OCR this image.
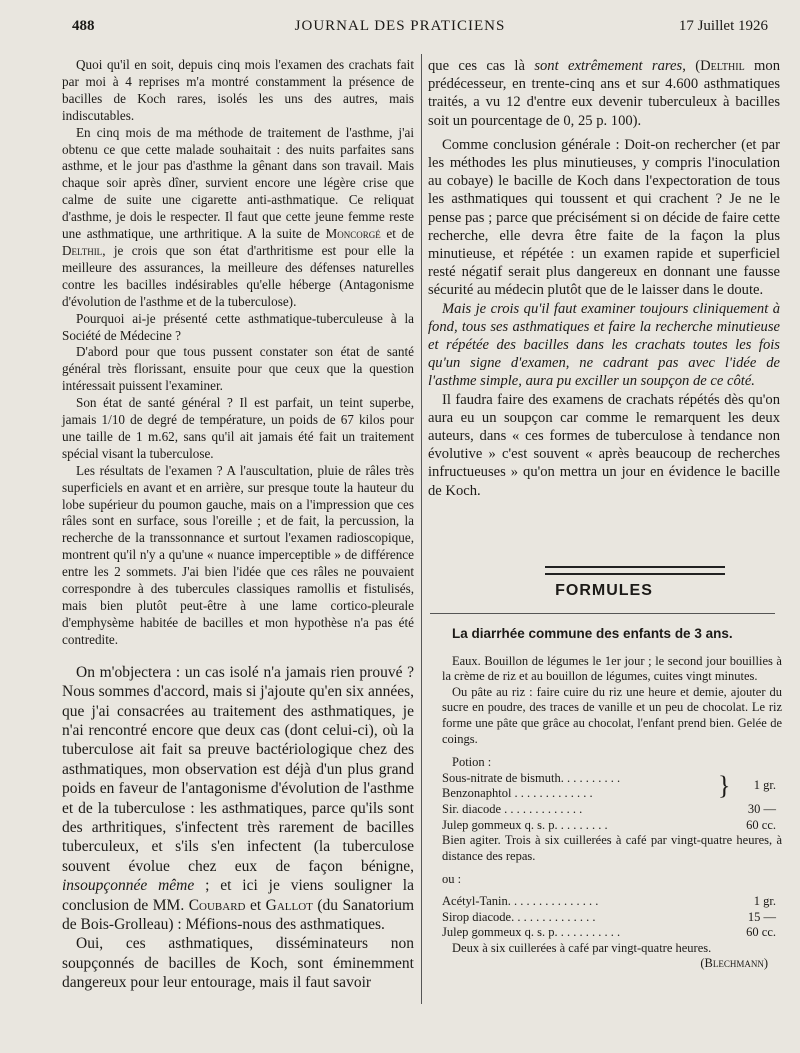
488	JOURNAL DES PRATICIENS	17 Juillet 1926

Quoi qu'il en soit, depuis cinq mois l'examen des crachats fait par moi à 4 reprises m'a montré constamment la présence de bacilles de Koch rares, isolés les uns des autres, mais indiscutables.

En cinq mois de ma méthode de traitement de l'asthme, j'ai obtenu ce que cette malade souhaitait : des nuits parfaites sans asthme, et le jour pas d'asthme la gênant dans son travail. Mais chaque soir après dîner, survient encore une légère crise que calme de suite une cigarette anti-asthmatique. Ce reliquat d'asthme, je dois le respecter. Il faut que cette jeune femme reste une asthmatique, une arthritique. A la suite de Moncorgé et de Delthil, je crois que son état d'arthritisme est pour elle la meilleure des assurances, la meilleure des défenses naturelles contre les bacilles indésirables qu'elle héberge (Antagonisme d'évolution de l'asthme et de la tuberculose).

Pourquoi ai-je présenté cette asthmatique-tuberculeuse à la Société de Médecine ?

D'abord pour que tous pussent constater son état de santé général très florissant, ensuite pour que ceux que la question intéressait puissent l'examiner.

Son état de santé général ? Il est parfait, un teint superbe, jamais 1/10 de degré de température, un poids de 67 kilos pour une taille de 1 m.62, sans qu'il ait jamais été fait un traitement spécial visant la tuberculose.

Les résultats de l'examen ? A l'auscultation, pluie de râles très superficiels en avant et en arrière, sur presque toute la hauteur du lobe supérieur du poumon gauche, mais on a l'impression que ces râles sont en surface, sous l'oreille ; et de fait, la percussion, la recherche de la transsonnance et surtout l'examen radioscopique, montrent qu'il n'y a qu'une « nuance imperceptible » de différence entre les 2 sommets. J'ai bien l'idée que ces râles ne pouvaient correspondre à des tubercules classiques ramollis et fistulisés, mais bien plutôt peut-être à une lame cortico-pleurale d'emphysème habitée de bacilles et mon hypothèse n'a pas été contredite.

On m'objectera : un cas isolé n'a jamais rien prouvé ? Nous sommes d'accord, mais si j'ajoute qu'en six années, que j'ai consacrées au traitement des asthmatiques, je n'ai rencontré encore que deux cas (dont celui-ci), où la tuberculose ait fait sa preuve bactériologique chez des asthmatiques, mon observation est déjà d'un plus grand poids en faveur de l'antagonisme d'évolution de l'asthme et de la tuberculose : les asthmatiques, parce qu'ils sont des arthritiques, s'infectent très rarement de bacilles tuberculeux, et s'ils s'en infectent (la tuberculose souvent évolue chez eux de façon bénigne, insoupçonnée même ; et ici je viens souligner la conclusion de MM. Coubard et Gallot (du Sanatorium de Bois-Grolleau) : Méfions-nous des asthmatiques.

Oui, ces asthmatiques, disséminateurs non soupçonnés de bacilles de Koch, sont éminemment dangereux pour leur entourage, mais il faut savoir

que ces cas là sont extrêmement rares, (Delthil mon prédécesseur, en trente-cinq ans et sur 4.600 asthmatiques traités, a vu 12 d'entre eux devenir tuberculeux à bacilles soit un pourcentage de 0, 25 p. 100).

Comme conclusion générale : Doit-on rechercher (et par les méthodes les plus minutieuses, y compris l'inoculation au cobaye) le bacille de Koch dans l'expectoration de tous les asthmatiques qui toussent et qui crachent ? Je ne le pense pas ; parce que précisément si on décide de faire cette recherche, elle devra être faite de la façon la plus minutieuse, et répétée : un examen rapide et superficiel resté négatif serait plus dangereux en donnant une fausse sécurité au médecin plutôt que de le laisser dans le doute.

Mais je crois qu'il faut examiner toujours cliniquement à fond, tous ses asthmatiques et faire la recherche minutieuse et répétée des bacilles dans les crachats toutes les fois qu'un signe d'examen, ne cadrant pas avec l'idée de l'asthme simple, aura pu exciller un soupçon de ce côté.

Il faudra faire des examens de crachats répétés dès qu'on aura eu un soupçon car comme le remarquent les deux auteurs, dans « ces formes de tuberculose à tendance non évolutive » c'est souvent « après beaucoup de recherches infructueuses » qu'on mettra un jour en évidence le bacille de Koch.

FORMULES
La diarrhée commune des enfants de 3 ans.

Eaux. Bouillon de légumes le 1er jour ; le second jour bouillies à la crème de riz et au bouillon de légumes, cuites vingt minutes.

Ou pâte au riz : faire cuire du riz une heure et demie, ajouter du sucre en poudre, des traces de vanille et un peu de chocolat. Le riz forme une pâte que grâce au chocolat, l'enfant prend bien. Gelée de coings.

Potion :

Sous-nitrate de bismuth. . . . . . . . . .
Benzonaphtol . . . . . . . . . . . . .	} 1 gr.
Sir. diacode . . . . . . . . . . . . .	30 —
Julep gommeux q. s. p. . . . . . . . .	60 cc.

Bien agiter. Trois à six cuillerées à café par vingt-quatre heures, à distance des repas.

ou :

Acétyl-Tanin. . . . . . . . . . . . . . .	1 gr.
Sirop diacode. . . . . . . . . . . . . .	15 —
Julep gommeux q. s. p. . . . . . . . . . .	60 cc.

Deux à six cuillerées à café par vingt-quatre heures.

(Blechmann)
